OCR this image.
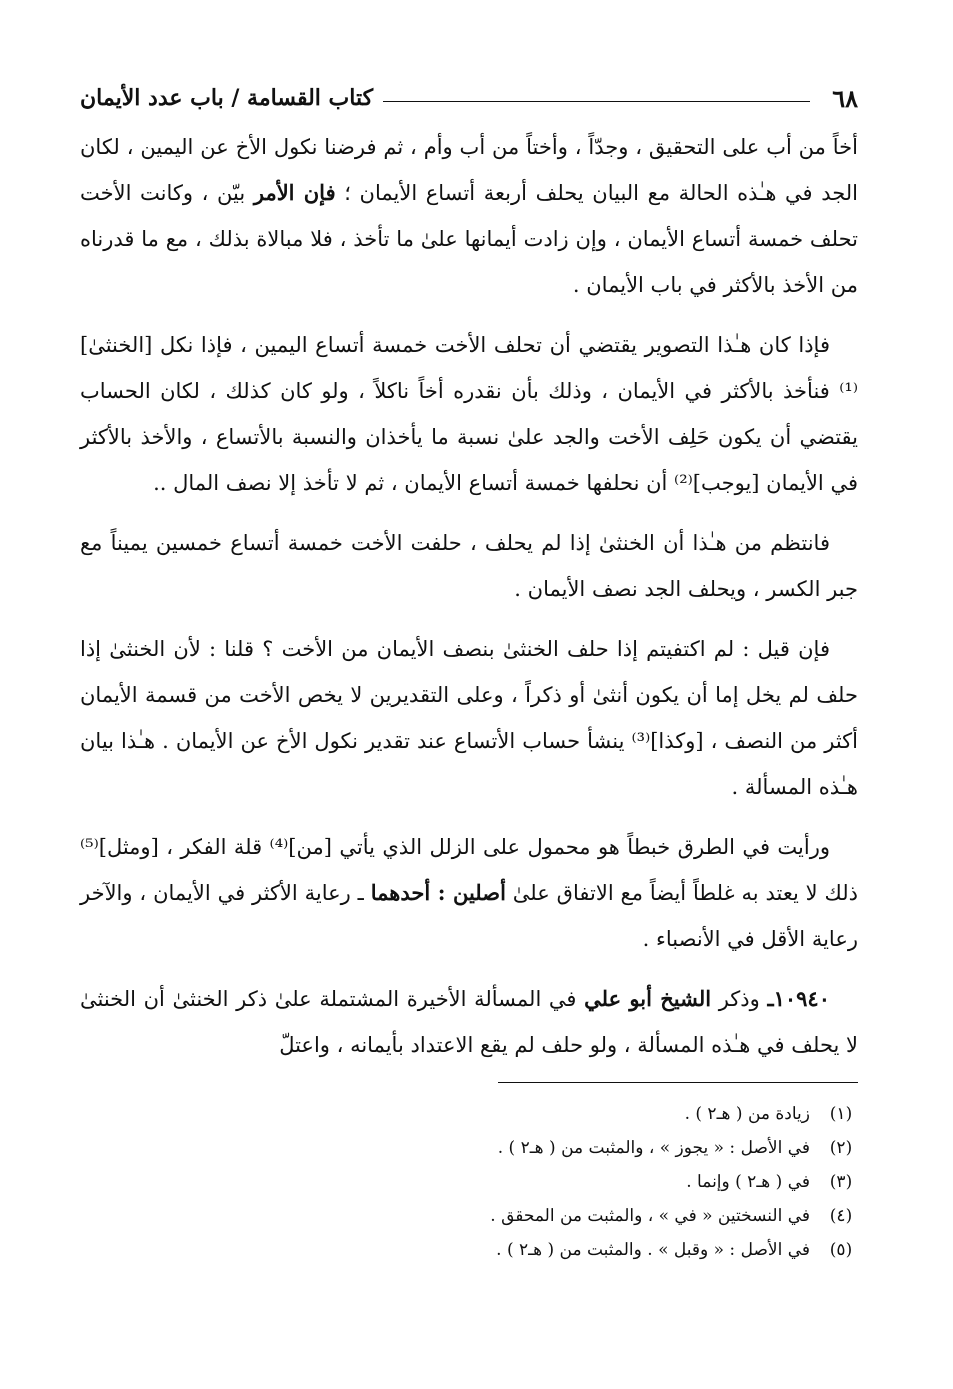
٦٨
كتاب القسامة / باب عدد الأيمان

أخاً من أب على التحقيق ، وجدّاً ، وأختاً من أب وأم ، ثم فرضنا نكول الأخ عن اليمين ، لكان الجد في هـٰذه الحالة مع البيان يحلف أربعة أتساع الأيمان ؛ فإن الأمر بيّن ، وكانت الأخت تحلف خمسة أتساع الأيمان ، وإن زادت أيمانها علىٰ ما تأخذ ، فلا مبالاة بذلك ، مع ما قدرناه من الأخذ بالأكثر في باب الأيمان .

فإذا كان هـٰذا التصوير يقتضي أن تحلف الأخت خمسة أتساع اليمين ، فإذا نكل [الخنثىٰ]⁽¹⁾ فنأخذ بالأكثر في الأيمان ، وذلك بأن نقدره أخاً ناكلاً ، ولو كان كذلك ، لكان الحساب يقتضي أن يكون حَلِف الأخت والجد علىٰ نسبة ما يأخذان والنسبة بالأتساع ، والأخذ بالأكثر في الأيمان [يوجب]⁽²⁾ أن نحلفها خمسة أتساع الأيمان ، ثم لا تأخذ إلا نصف المال ..

فانتظم من هـٰذا أن الخنثىٰ إذا لم يحلف ، حلفت الأخت خمسة أتساع خمسين يميناً مع جبر الكسر ، ويحلف الجد نصف الأيمان .

فإن قيل : لم اكتفيتم إذا حلف الخنثىٰ بنصف الأيمان من الأخت ؟ قلنا : لأن الخنثىٰ إذا حلف لم يخل إما أن يكون أنثىٰ أو ذكراً ، وعلى التقديرين لا يخص الأخت من قسمة الأيمان أكثر من النصف ، [وكذا]⁽³⁾ ينشأ حساب الأتساع عند تقدير نكول الأخ عن الأيمان . هـٰذا بيان هـٰذه المسألة .

ورأيت في الطرق خبطاً هو محمول على الزلل الذي يأتي [من]⁽⁴⁾ قلة الفكر ، [ومثل]⁽⁵⁾ ذلك لا يعتد به غلطاً أيضاً مع الاتفاق علىٰ أصلين : أحدهما ـ رعاية الأكثر في الأيمان ، والآخر رعاية الأقل في الأنصباء .

١٠٩٤٠ـ وذكر الشيخ أبو علي في المسألة الأخيرة المشتملة علىٰ ذكر الخنثىٰ أن الخنثىٰ لا يحلف في هـٰذه المسألة ، ولو حلف لم يقع الاعتداد بأيمانه ، واعتلّ

(١)
زيادة من ( هـ٢ ) .
(٢)
في الأصل : « يجوز » ، والمثبت من ( هـ٢ ) .
(٣)
في ( هـ٢ ) وإنما .
(٤)
في النسختين « في » ، والمثبت من المحقق .
(٥)
في الأصل : « وقبل » . والمثبت من ( هـ٢ ) .
